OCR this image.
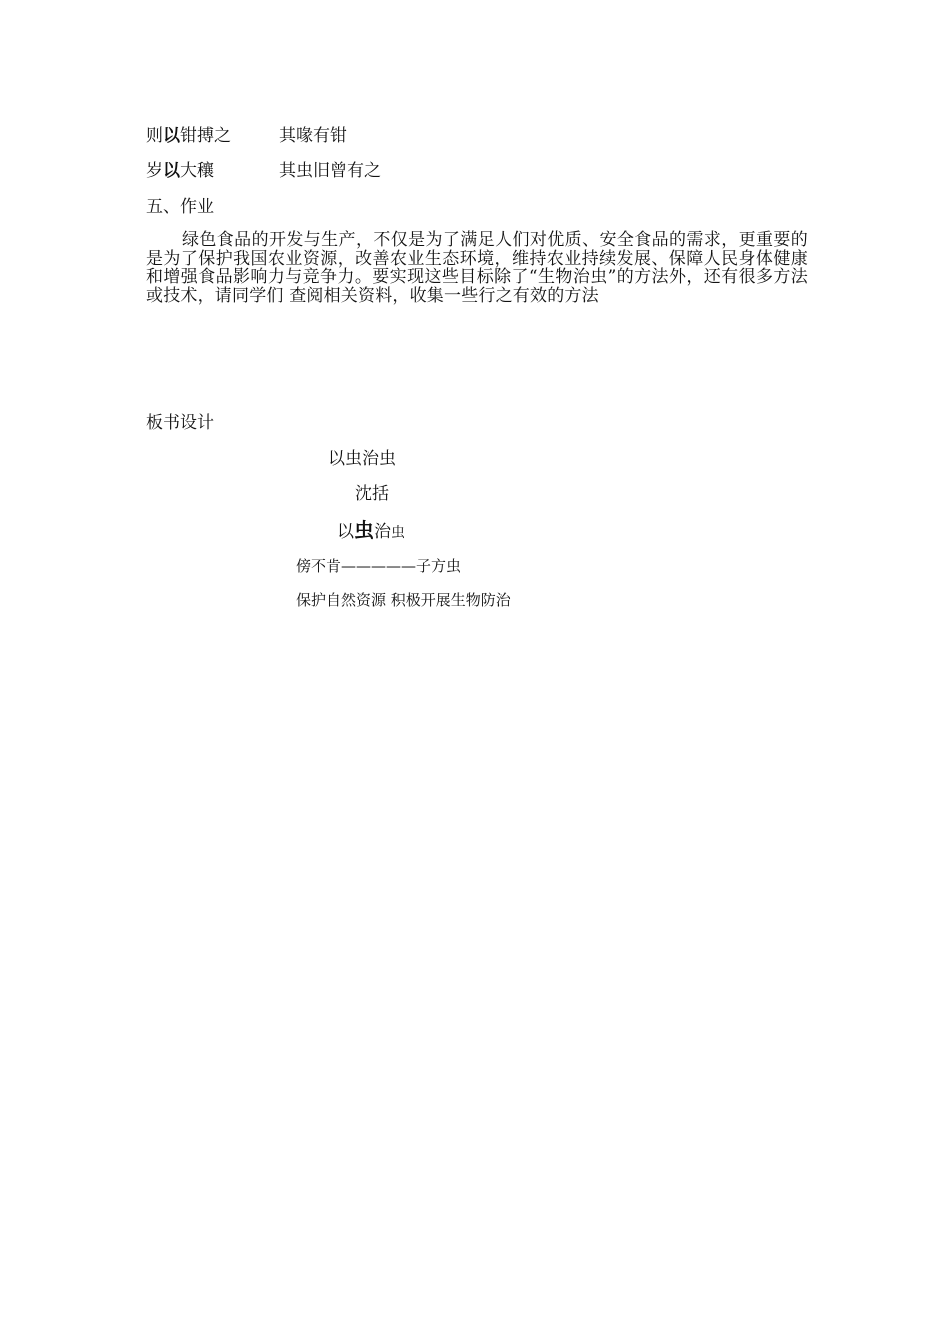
则以钳搏之	其喙有钳
岁以大穰	其虫旧曾有之
五、作业
绿色食品的开发与生产，不仅是为了满足人们对优质、安全食品的需求，更重要的是为了保护我国农业资源，改善农业生态环境，维持农业持续发展、保障人民身体健康和增强食品影响力与竞争力。要实现这些目标除了“生物治虫”的方法外，还有很多方法或技术，请同学们 查阅相关资料，收集一些行之有效的方法
板书设计
以虫治虫
沈括
以虫治虫
傍不肯—————子方虫
保护自然资源 积极开展生物防治
